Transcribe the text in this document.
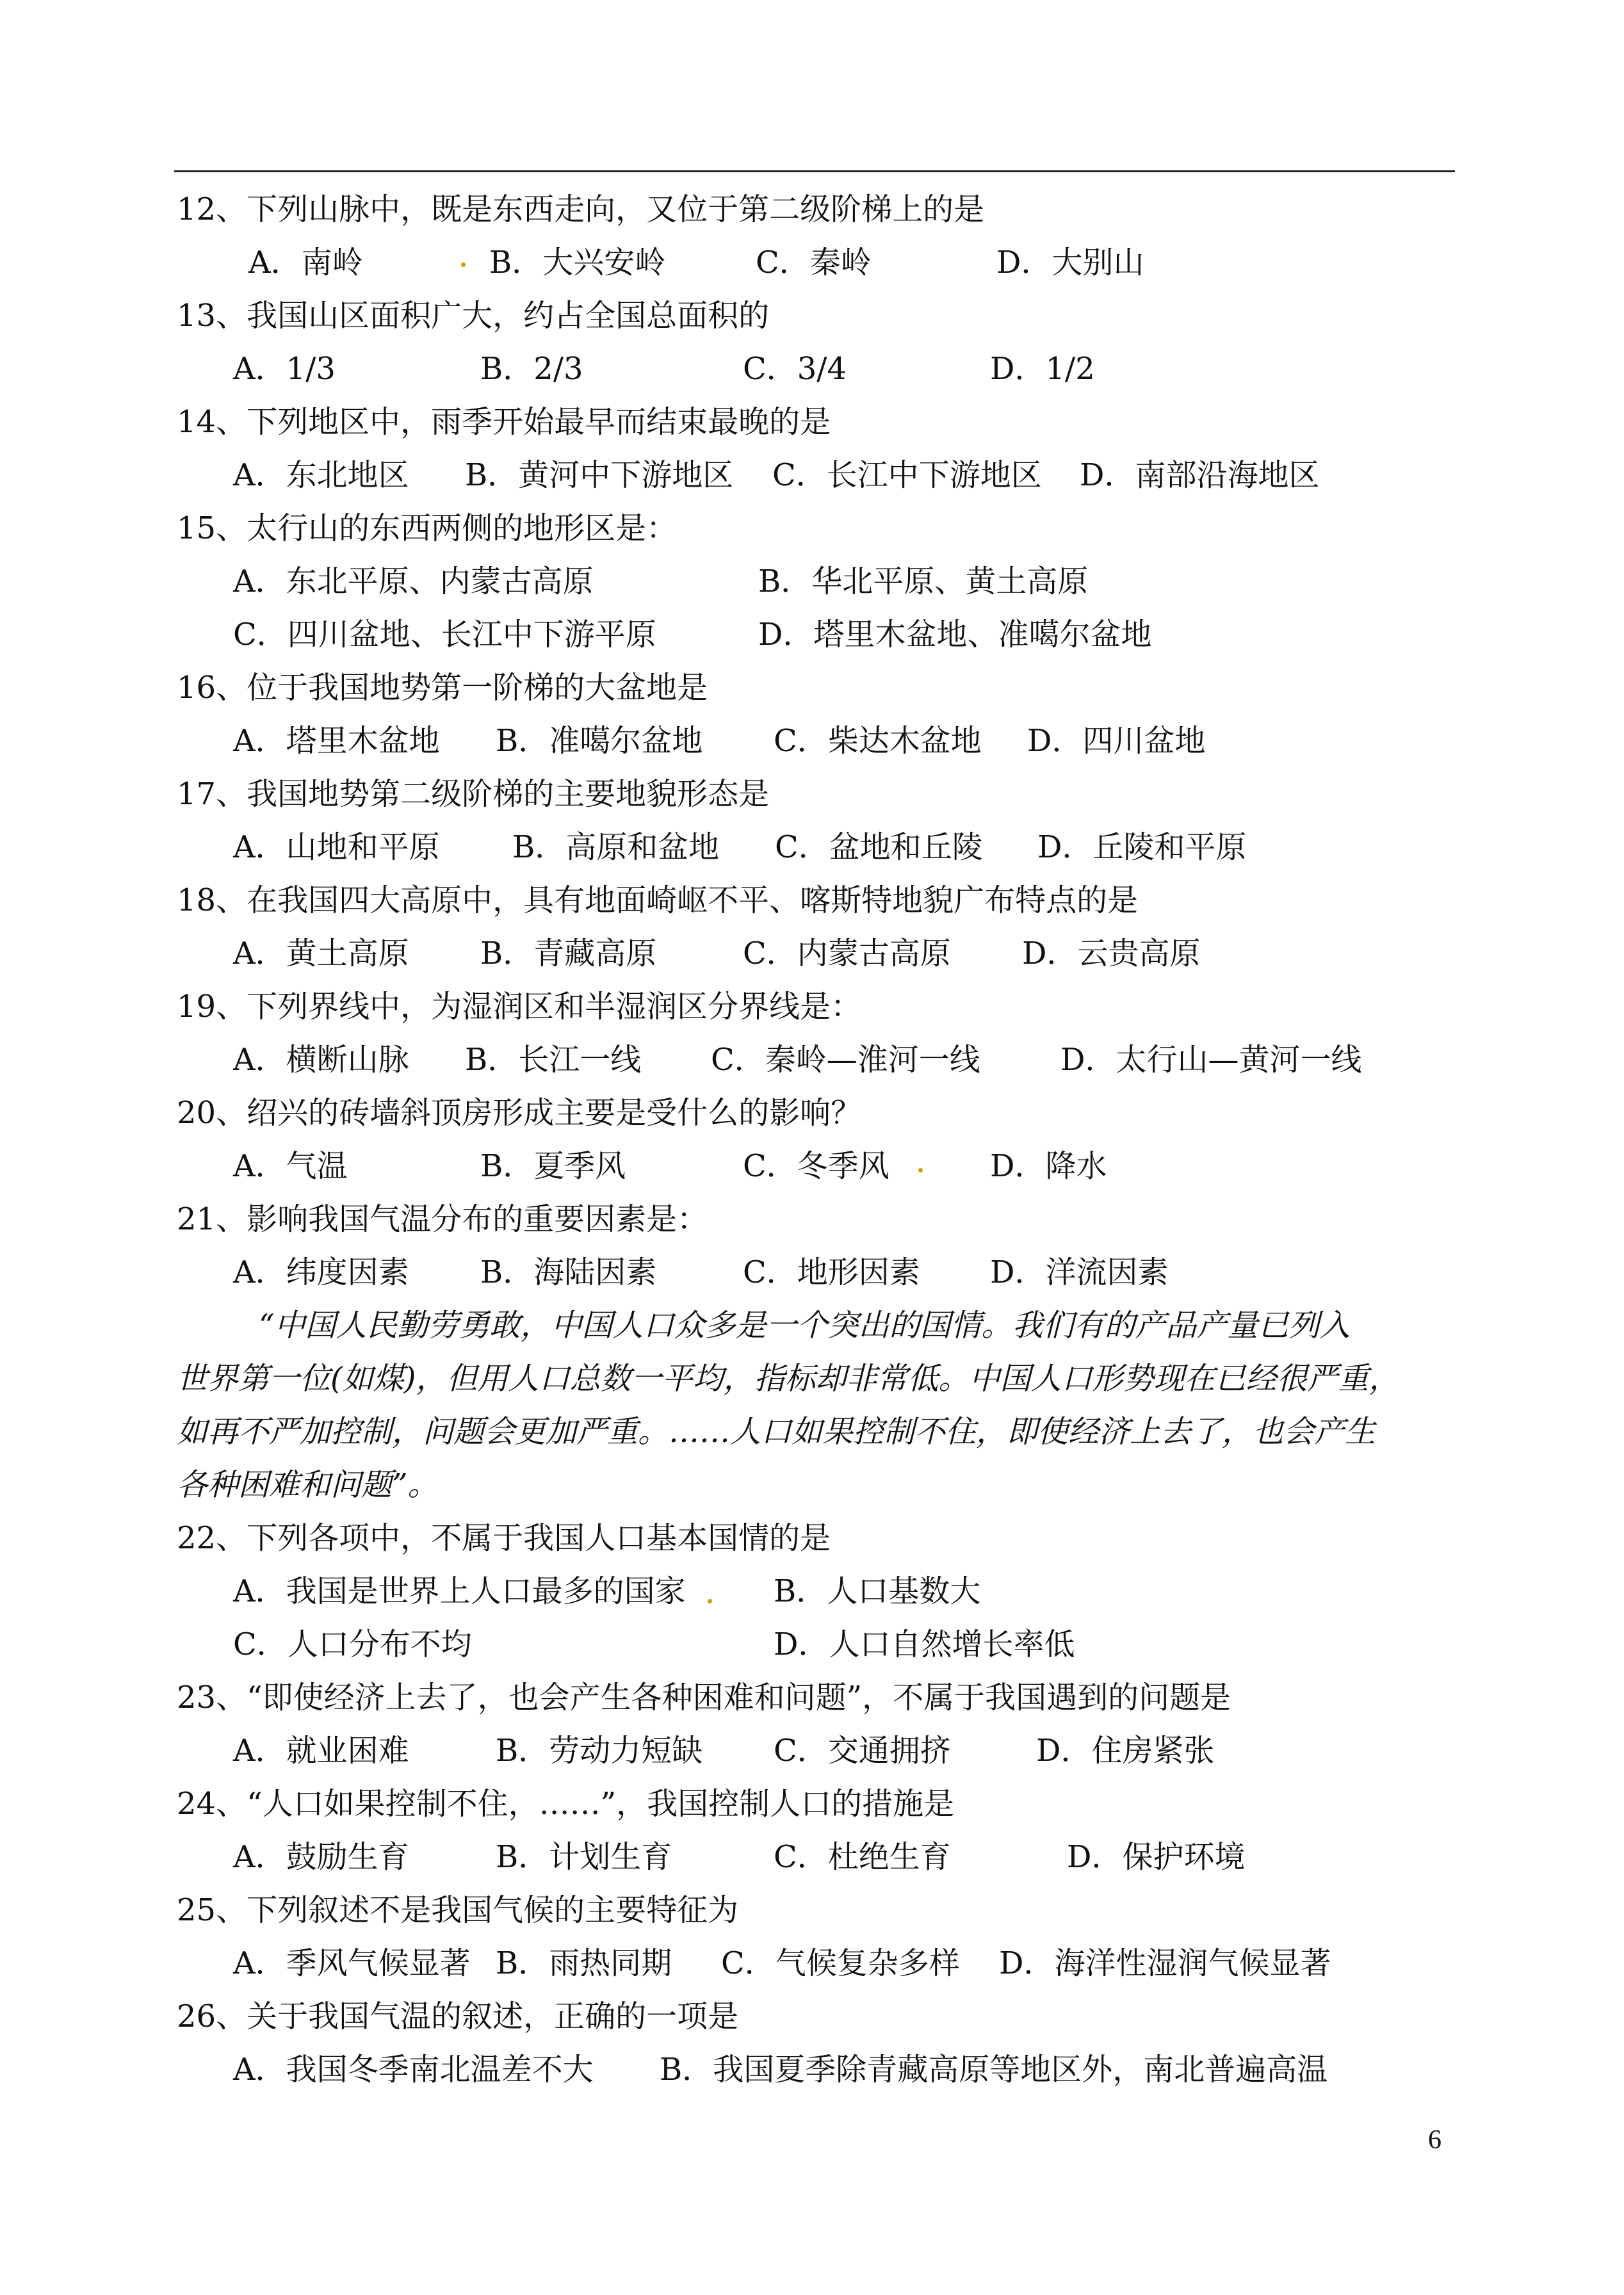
12、下列山脉中，既是东西走向，又位于第二级阶梯上的是
A．南岭	B．大兴安岭	C．秦岭	D．大别山
13、我国山区面积广大，约占全国总面积的
A．1/3	B．2/3	C．3/4	D．1/2
14、下列地区中，雨季开始最早而结束最晚的是
A．东北地区 B．黄河中下游地区 C．长江中下游地区 D．南部沿海地区
15、太行山的东西两侧的地形区是：
A．东北平原、内蒙古高原	B．华北平原、黄土高原
C．四川盆地、长江中下游平原	D．塔里木盆地、准噶尔盆地
16、位于我国地势第一阶梯的大盆地是
A．塔里木盆地 B．准噶尔盆地 C．柴达木盆地 D．四川盆地
17、我国地势第二级阶梯的主要地貌形态是
A．山地和平原 B．高原和盆地 C．盆地和丘陵 D．丘陵和平原
18、在我国四大高原中，具有地面崎岖不平、喀斯特地貌广布特点的是
A．黄土高原 B．青藏高原	C．内蒙古高原 D．云贵高原
19、下列界线中，为湿润区和半湿润区分界线是：
A．横断山脉 B．长江一线 C．秦岭—淮河一线	D．太行山—黄河一线
20、绍兴的砖墙斜顶房形成主要是受什么的影响？
A．气温	B．夏季风	C．冬季风	D．降水
21、影响我国气温分布的重要因素是：
A．纬度因素 B．海陆因素	C．地形因素 D．洋流因素
“中国人民勤劳勇敢，中国人口众多是一个突出的国情。我们有的产品产量已列入
世界第一位(如煤)，但用人口总数一平均，指标却非常低。中国人口形势现在已经很严重，
如再不严加控制，问题会更加严重。……人口如果控制不住，即使经济上去了，也会产生
各种困难和问题”。
22、下列各项中，不属于我国人口基本国情的是
A．我国是世界上人口最多的国家	B．人口基数大
C．人口分布不均	D．人口自然增长率低
23、“即使经济上去了，也会产生各种困难和问题”，不属于我国遇到的问题是
A．就业困难	B．劳动力短缺 C．交通拥挤	D．住房紧张
24、“人口如果控制不住，……”，我国控制人口的措施是
A．鼓励生育	B．计划生育	C．杜绝生育	D．保护环境
25、下列叙述不是我国气候的主要特征为
A．季风气候显著 B．雨热同期 C．气候复杂多样 D．海洋性湿润气候显著
26、关于我国气温的叙述，正确的一项是
A．我国冬季南北温差不大 B．我国夏季除青藏高原等地区外，南北普遍高温
6
